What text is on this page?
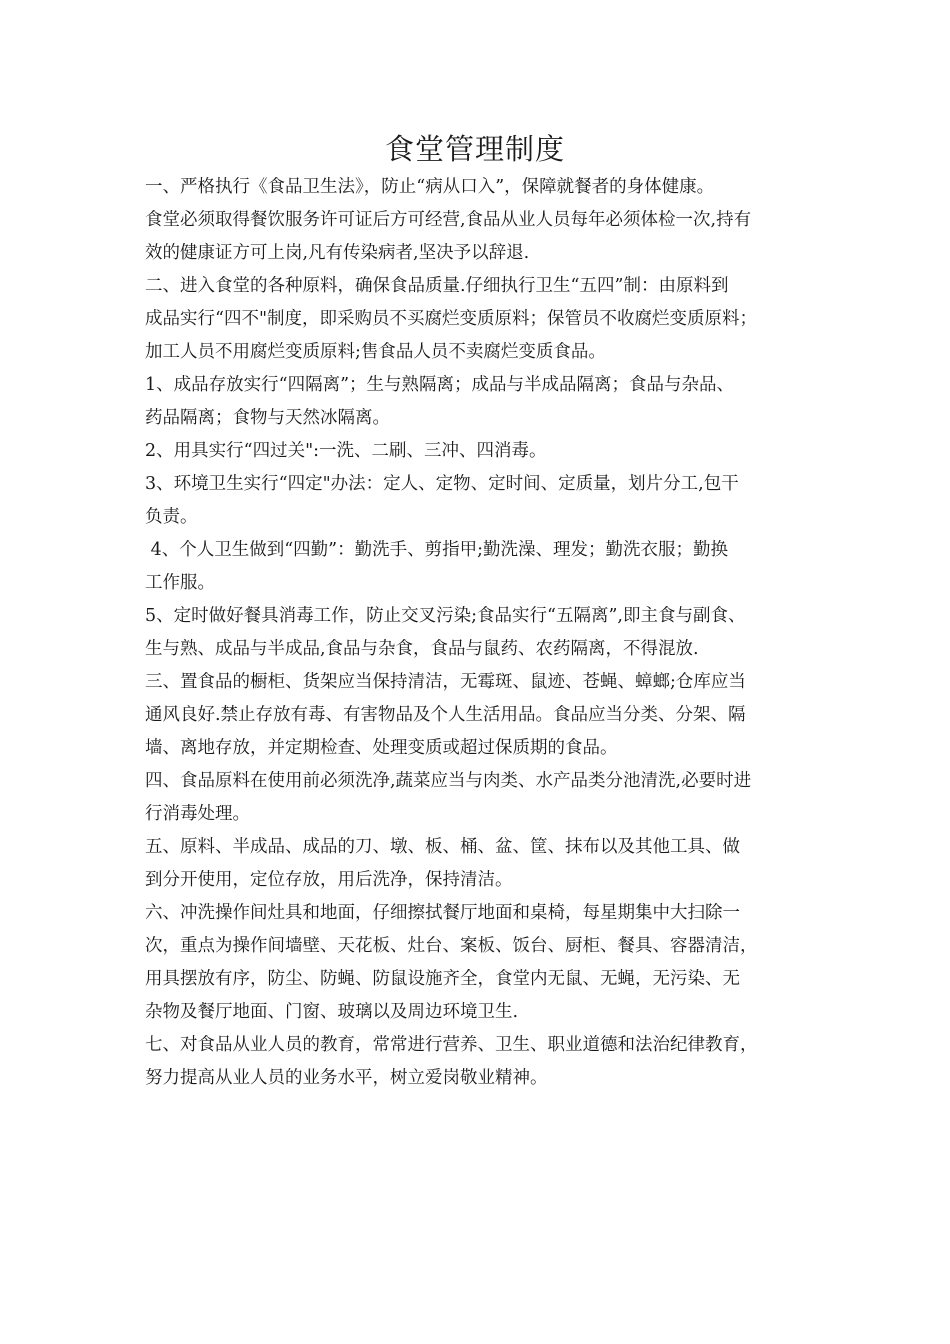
食堂管理制度
一、严格执行《食品卫生法》，防止“病从口入”，保障就餐者的身体健康。
食堂必须取得餐饮服务许可证后方可经营,食品从业人员每年必须体检一次,持有
效的健康证方可上岗,凡有传染病者,坚决予以辞退.
二、进入食堂的各种原料，确保食品质量.仔细执行卫生“五四”制：由原料到
成品实行“四不"制度，即采购员不买腐烂变质原料；保管员不收腐烂变质原料；
加工人员不用腐烂变质原料;售食品人员不卖腐烂变质食品。
1、成品存放实行“四隔离”；生与熟隔离；成品与半成品隔离；食品与杂品、
药品隔离；食物与天然冰隔离。
2、用具实行“四过关":一洗、二刷、三冲、四消毒。
3、环境卫生实行“四定"办法：定人、定物、定时间、定质量，划片分工,包干
负责。
4、个人卫生做到“四勤”：勤洗手、剪指甲;勤洗澡、理发；勤洗衣服；勤换
工作服。
5、定时做好餐具消毒工作，防止交叉污染;食品实行“五隔离”,即主食与副食、
生与熟、成品与半成品,食品与杂食，食品与鼠药、农药隔离，不得混放.
三、置食品的橱柜、货架应当保持清洁，无霉斑、鼠迹、苍蝇、蟑螂;仓库应当
通风良好.禁止存放有毒、有害物品及个人生活用品。食品应当分类、分架、隔
墙、离地存放，并定期检查、处理变质或超过保质期的食品。
四、食品原料在使用前必须洗净,蔬菜应当与肉类、水产品类分池清洗,必要时进
行消毒处理。
五、原料、半成品、成品的刀、墩、板、桶、盆、筐、抹布以及其他工具、做
到分开使用，定位存放，用后洗净，保持清洁。
六、冲洗操作间灶具和地面，仔细擦拭餐厅地面和桌椅，每星期集中大扫除一
次，重点为操作间墙壁、天花板、灶台、案板、饭台、厨柜、餐具、容器清洁，
用具摆放有序，防尘、防蝇、防鼠设施齐全，食堂内无鼠、无蝇，无污染、无
杂物及餐厅地面、门窗、玻璃以及周边环境卫生.
七、对食品从业人员的教育，常常进行营养、卫生、职业道德和法治纪律教育，
努力提高从业人员的业务水平，树立爱岗敬业精神。
